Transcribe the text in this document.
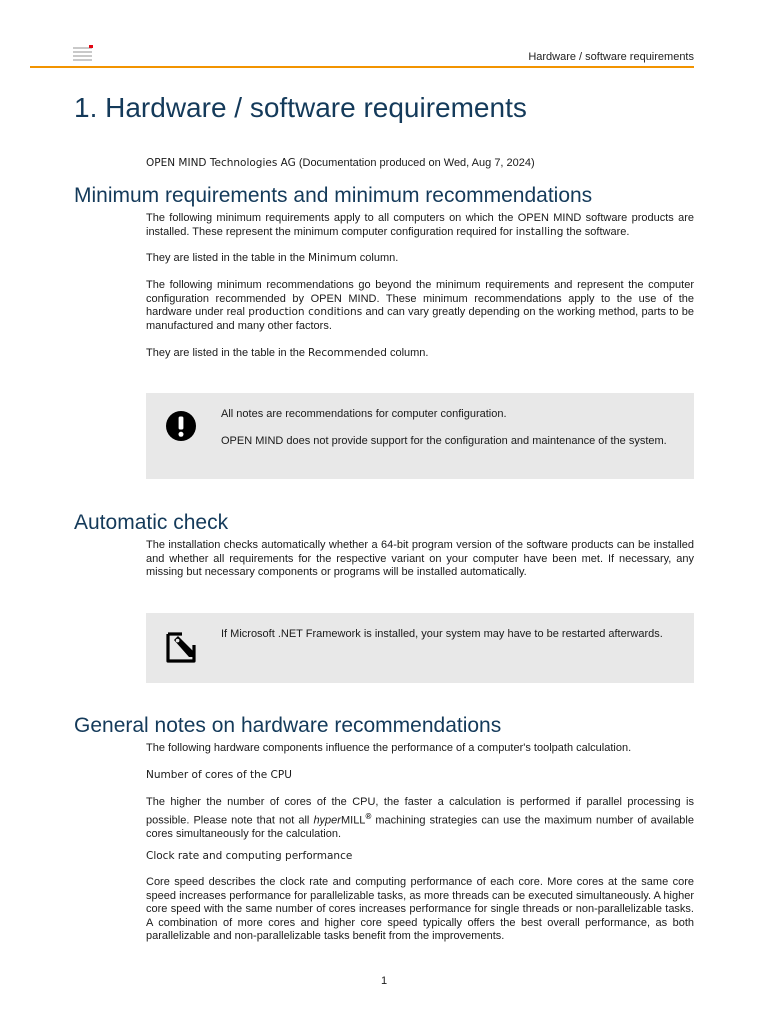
Hardware / software requirements
1. Hardware / software requirements

OPEN MIND Technologies AG (Documentation produced on Wed, Aug 7, 2024)

Minimum requirements and minimum recommendations

The following minimum requirements apply to all computers on which the OPEN MIND software products are installed. These represent the minimum computer configuration required for installing the software.

They are listed in the table in the Minimum column.

The following minimum recommendations go beyond the minimum requirements and represent the computer configuration recommended by OPEN MIND. These minimum recommendations apply to the use of the hardware under real production conditions and can vary greatly depending on the working method, parts to be manufactured and many other factors.

They are listed in the table in the Recommended column.

All notes are recommendations for computer configuration.

OPEN MIND does not provide support for the configuration and maintenance of the system.

Automatic check

The installation checks automatically whether a 64-bit program version of the software products can be installed and whether all requirements for the respective variant on your computer have been met. If necessary, any missing but necessary components or programs will be installed automatically.

If Microsoft .NET Framework is installed, your system may have to be restarted afterwards.

General notes on hardware recommendations

The following hardware components influence the performance of a computer's toolpath calculation.

Number of cores of the CPU

The higher the number of cores of the CPU, the faster a calculation is performed if parallel processing is possible. Please note that not all hyperMILL® machining strategies can use the maximum number of available cores simultaneously for the calculation.

Clock rate and computing performance

Core speed describes the clock rate and computing performance of each core. More cores at the same core speed increases performance for parallelizable tasks, as more threads can be executed simultaneously. A higher core speed with the same number of cores increases performance for single threads or non-parallelizable tasks. A combination of more cores and higher core speed typically offers the best overall performance, as both parallelizable and non-parallelizable tasks benefit from the improvements.

1
